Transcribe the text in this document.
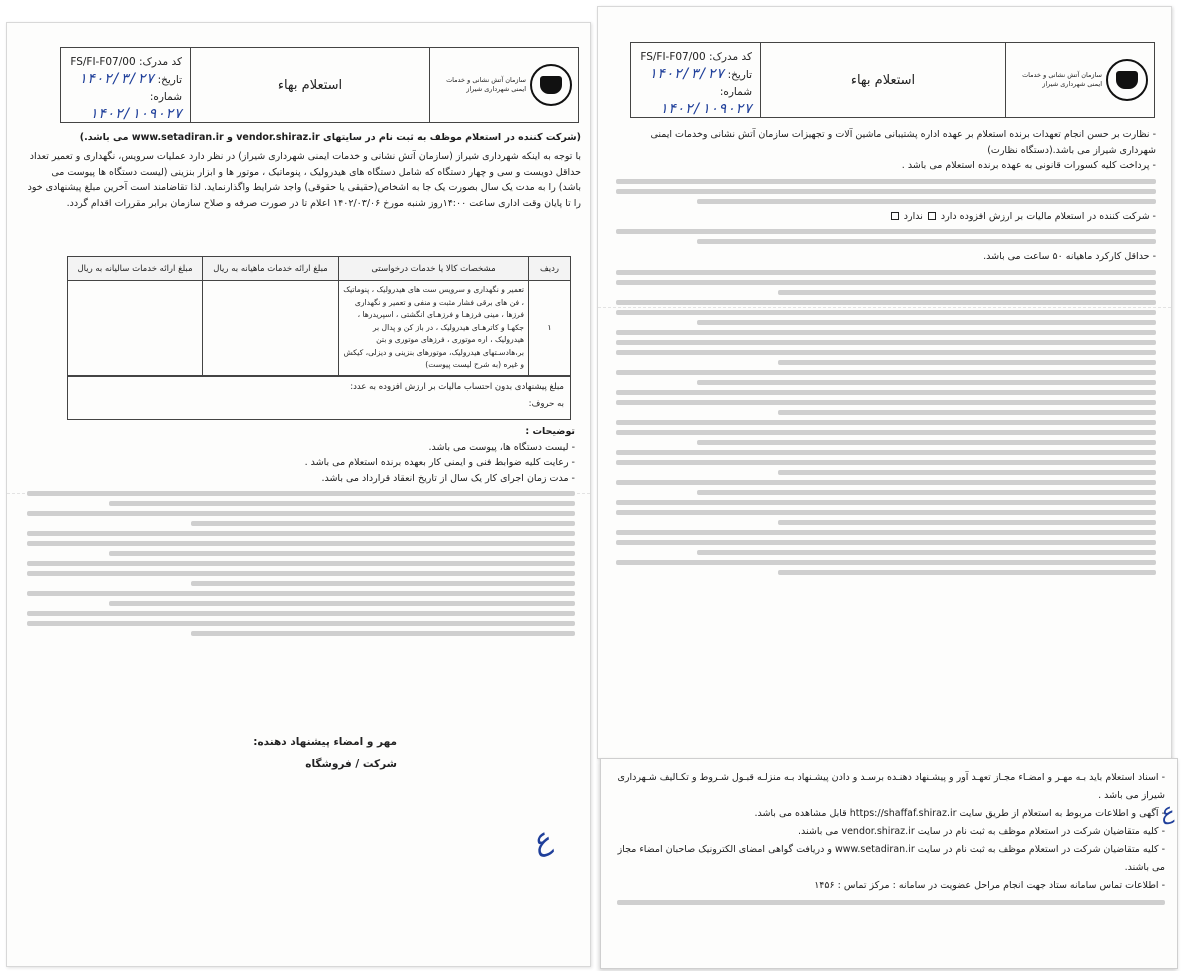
کد مدرک: FS/FI-F07/00
تاریخ: ۱۴۰۲/۳/۲۷
شماره: ۱۴۰۲/۱۰۹۰۲۷
استعلام بهاء	سازمان آتش نشانی و خدمات ایمنی شهرداری شیراز
(شرکت کننده در استعلام موظف به ثبت نام در سایتهای vendor.shiraz.ir و www.setadiran.ir می باشد.)
با توجه به اینکه شهرداری شیراز (سازمان آتش نشانی و خدمات ایمنی شهرداری شیراز) در نظر دارد عملیات سرویس، نگهداری و تعمیر تعداد حداقل دویست و سی و چهار دستگاه که شامل دستگاه های هیدرولیک ، پنوماتیک ، موتور ها و ابزار بنزینی (لیست دستگاه ها پیوست می باشد) را به مدت یک سال بصورت یک جا به اشخاص(حقیقی یا حقوقی) واجد شرایط واگذارنماید. لذا تقاضامند است آخرین مبلغ پیشنهادی خود را تا پایان وقت اداری ساعت ۱۴:۰۰روز شنبه مورخ ۱۴۰۲/۰۳/۰۶ اعلام تا در صورت صرفه و صلاح سازمان برابر مقررات اقدام گردد.
ردیف	مشخصات کالا یا خدمات درخواستی	مبلغ ارائه خدمات ماهیانه به ریال	مبلغ ارائه خدمات سالیانه به ریال
۱	تعمیر و نگهداری و سرویس ست های هیدرولیک ، پنوماتیک ، فن های برقی فشار مثبت و منفی و تعمیر و نگهداری فرزها ، مینی فرزهـا و فرزهـای انگشتی ، اسپریدرها ، جکهـا و کاترهـای هیدرولیک ، در باز کن و پدال بر هیدرولیک ، اره موتوری ، فرزهای موتوری و بتن بر،هادسـتهای هیدرولیک، موتورهای بنزینی و دیزلی، کیکش و غیره (به شرح لیست پیوست)		
مبلغ پیشنهادی بدون احتساب مالیات بر ارزش افزوده به عدد:
به حروف:

توضیحات :

- لیست دستگاه ها، پیوست می باشد.

- رعایت کلیه ضوابط فنی و ایمنی کار بعهده برنده استعلام می باشد .

- مدت زمان اجرای کار یک سال از تاریخ انعقاد قرارداد می باشد.

مهر و امضاء پیشنهاد دهنده:
شرکت / فروشگاه
ع
کد مدرک: FS/FI-F07/00
تاریخ: ۱۴۰۲/۳/۲۷
شماره: ۱۴۰۲/۱۰۹۰۲۷
استعلام بهاء	سازمان آتش نشانی و خدمات ایمنی شهرداری شیراز

- نظارت بر حسن انجام تعهدات برنده استعلام بر عهده اداره پشتیبانی ماشین آلات و تجهیزات سازمان آتش نشانی وخدمات ایمنی شهرداری شیراز می باشد.(دستگاه نظارت)

- پرداخت کلیه کسورات قانونی به عهده برنده استعلام می باشد .

- شرکت کننده در استعلام مالیات بر ارزش افزوده دارد  ندارد

- حداقل کارکرد ماهیانه ۵۰ ساعت می باشد.

- اسناد استعلام باید بـه مهـر و امضـاء مجـاز تعهـد آور و پیشـنهاد دهنـده برسـد و دادن پیشـنهاد بـه منزلـه قبـول شـروط و تکـالیف شـهرداری شیراز می باشد .

- آگهی و اطلاعات مربوط به استعلام از طریق سایت https://shaffaf.shiraz.ir قابل مشاهده می باشد.

- کلیه متقاضیان شرکت در استعلام موظف به ثبت نام در سایت vendor.shiraz.ir می باشند.

- کلیه متقاضیان شرکت در استعلام موظف به ثبت نام در سایت www.setadiran.ir و دریافت گواهی امضای الکترونیک صاحبان امضاء مجاز می باشند.

- اطلاعات تماس سامانه ستاد جهت انجام مراحل عضویت در سامانه : مرکز تماس : ۱۴۵۶

ع
